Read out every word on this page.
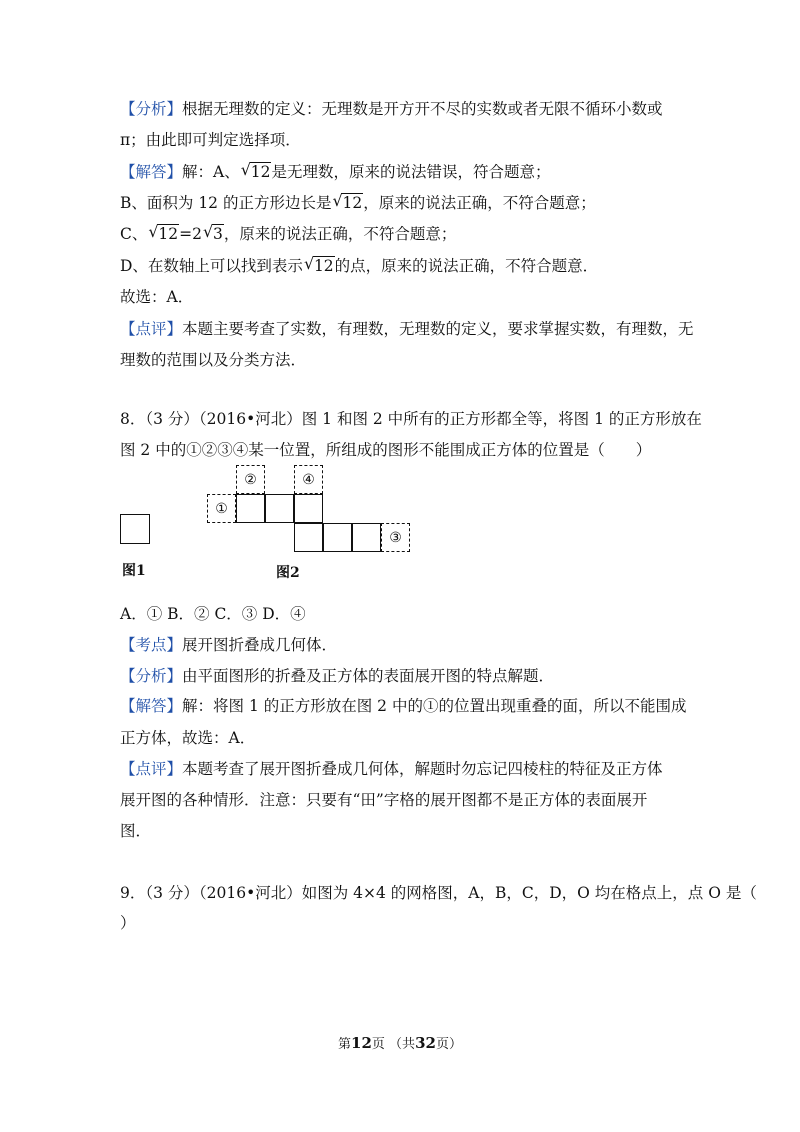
【分析】根据无理数的定义：无理数是开方开不尽的实数或者无限不循环小数或
π；由此即可判定选择项．
【解答】解：A、 √ 12是无理数，原来的说法错误，符合题意；
B、面积为 12 的正方形边长是 √ 12，原来的说法正确，不符合题意；
C、 √ 12=2 √ 3，原来的说法正确，不符合题意；
D、在数轴上可以找到表示 √ 12的点，原来的说法正确，不符合题意．
故选：A．
【点评】本题主要考查了实数，有理数，无理数的定义，要求掌握实数，有理数，无
理数的范围以及分类方法．
8．（3 分）（2016•河北）图 1 和图 2 中所有的正方形都全等，将图 1 的正方形放在
图 2 中的①②③④某一位置，所组成的图形不能围成正方体的位置是（　　）
图1
①
②	④
③
图2
A．① B．② C．③ D．④
【考点】展开图折叠成几何体．
【分析】由平面图形的折叠及正方体的表面展开图的特点解题．
【解答】解：将图 1 的正方形放在图 2 中的①的位置出现重叠的面，所以不能围成
正方体，故选：A．
【点评】本题考查了展开图折叠成几何体，解题时勿忘记四棱柱的特征及正方体
展开图的各种情形．注意：只要有“田”字格的展开图都不是正方体的表面展开
图．
9．（3 分）（2016•河北）如图为 4×4 的网格图，A，B，C，D，O 均在格点上，点 O 是（
）
第12页 （共32页）
